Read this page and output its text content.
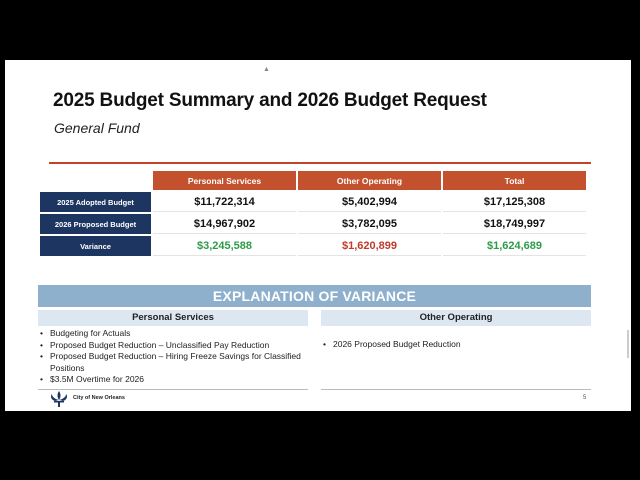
▲
2025 Budget Summary and 2026 Budget Request
General Fund
	Personal Services	Other Operating	Total
2025 Adopted Budget	$11,722,314	$5,402,994	$17,125,308
2026 Proposed Budget	$14,967,902	$3,782,095	$18,749,997
Variance	$3,245,588	$1,620,899	$1,624,689
EXPLANATION OF VARIANCE
Personal Services	Other Operating
• Budgeting for Actuals
• Proposed Budget Reduction – Unclassified Pay Reduction
• Proposed Budget Reduction – Hiring Freeze Savings for Classified Positions
• $3.5M Overtime for 2026
• 2026 Proposed Budget Reduction
City of New Orleans	5
